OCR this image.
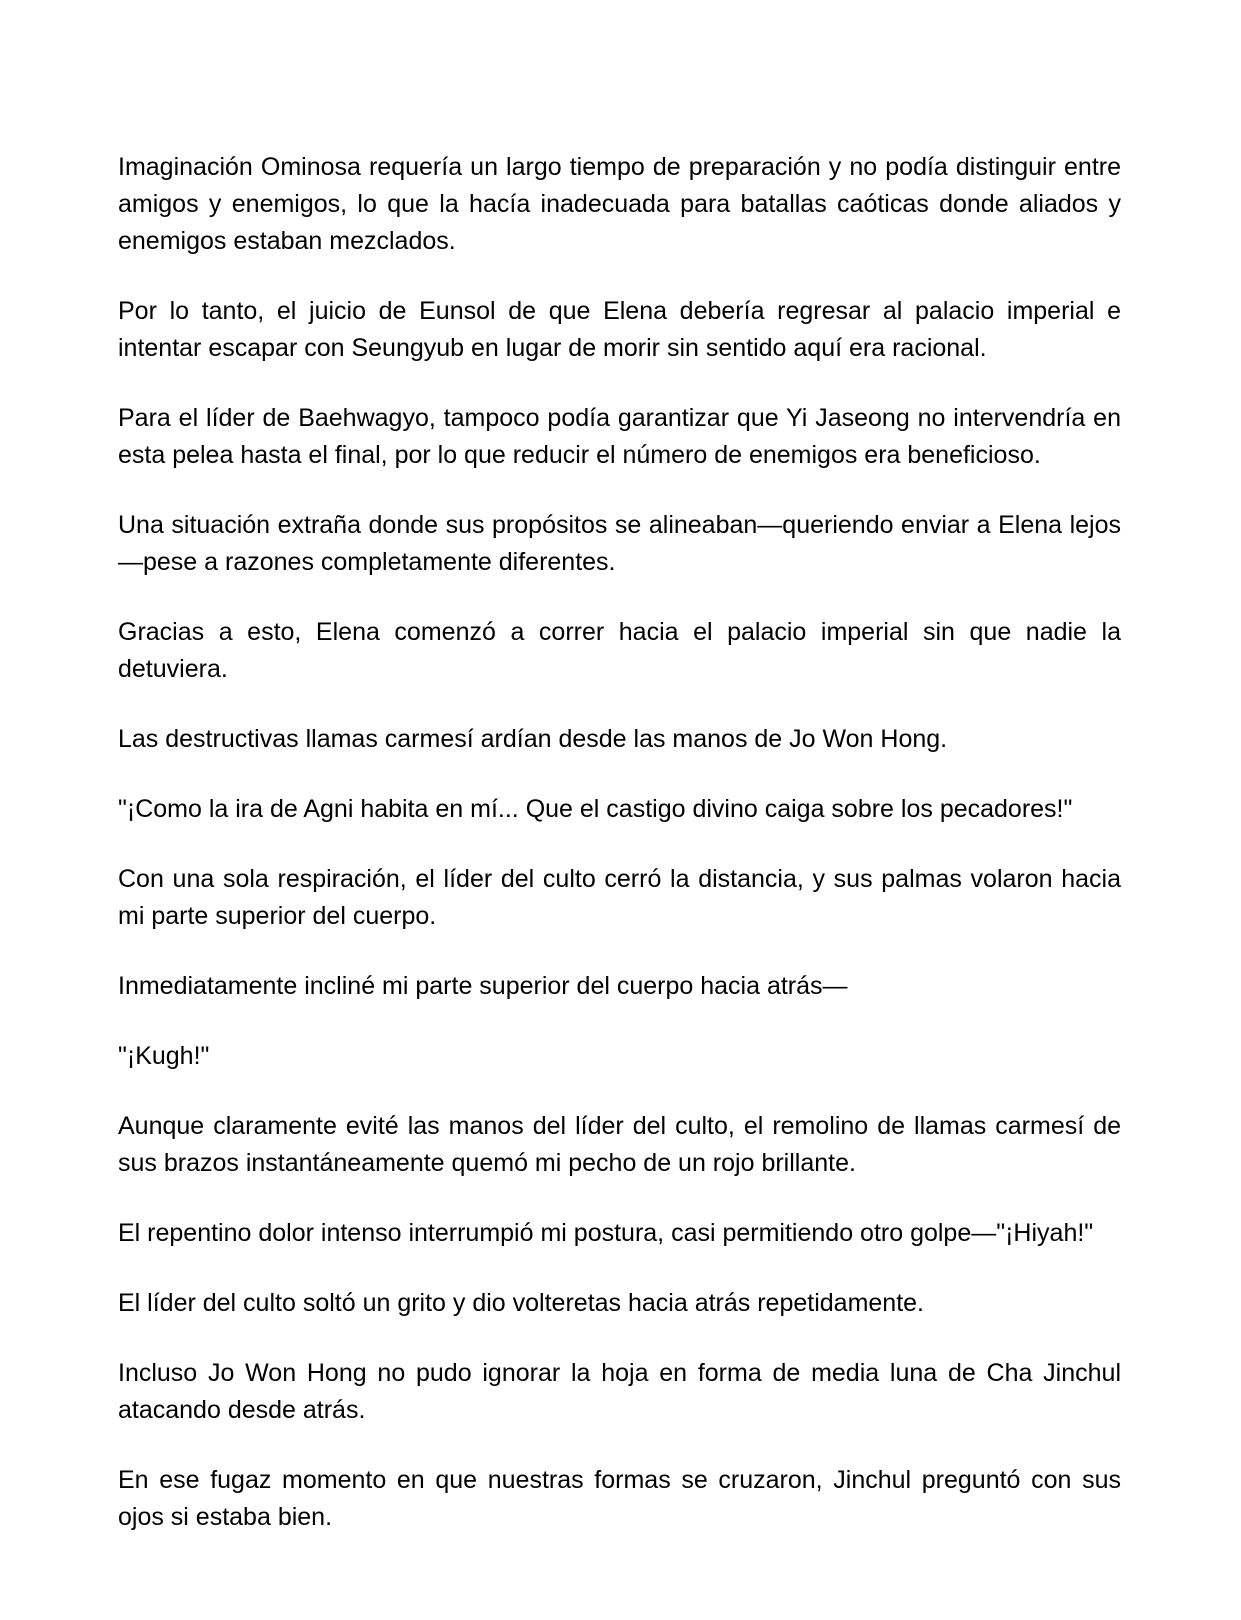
Imaginación Ominosa requería un largo tiempo de preparación y no podía distinguir entre amigos y enemigos, lo que la hacía inadecuada para batallas caóticas donde aliados y enemigos estaban mezclados.

Por lo tanto, el juicio de Eunsol de que Elena debería regresar al palacio imperial e intentar escapar con Seungyub en lugar de morir sin sentido aquí era racional.

Para el líder de Baehwagyo, tampoco podía garantizar que Yi Jaseong no intervendría en esta pelea hasta el final, por lo que reducir el número de enemigos era beneficioso.

Una situación extraña donde sus propósitos se alineaban—queriendo enviar a Elena lejos—pese a razones completamente diferentes.

Gracias a esto, Elena comenzó a correr hacia el palacio imperial sin que nadie la detuviera.

Las destructivas llamas carmesí ardían desde las manos de Jo Won Hong.

"¡Como la ira de Agni habita en mí... Que el castigo divino caiga sobre los pecadores!"

Con una sola respiración, el líder del culto cerró la distancia, y sus palmas volaron hacia mi parte superior del cuerpo.

Inmediatamente incliné mi parte superior del cuerpo hacia atrás—

"¡Kugh!"

Aunque claramente evité las manos del líder del culto, el remolino de llamas carmesí de sus brazos instantáneamente quemó mi pecho de un rojo brillante.

El repentino dolor intenso interrumpió mi postura, casi permitiendo otro golpe—"¡Hiyah!"

El líder del culto soltó un grito y dio volteretas hacia atrás repetidamente.

Incluso Jo Won Hong no pudo ignorar la hoja en forma de media luna de Cha Jinchul atacando desde atrás.

En ese fugaz momento en que nuestras formas se cruzaron, Jinchul preguntó con sus ojos si estaba bien.
